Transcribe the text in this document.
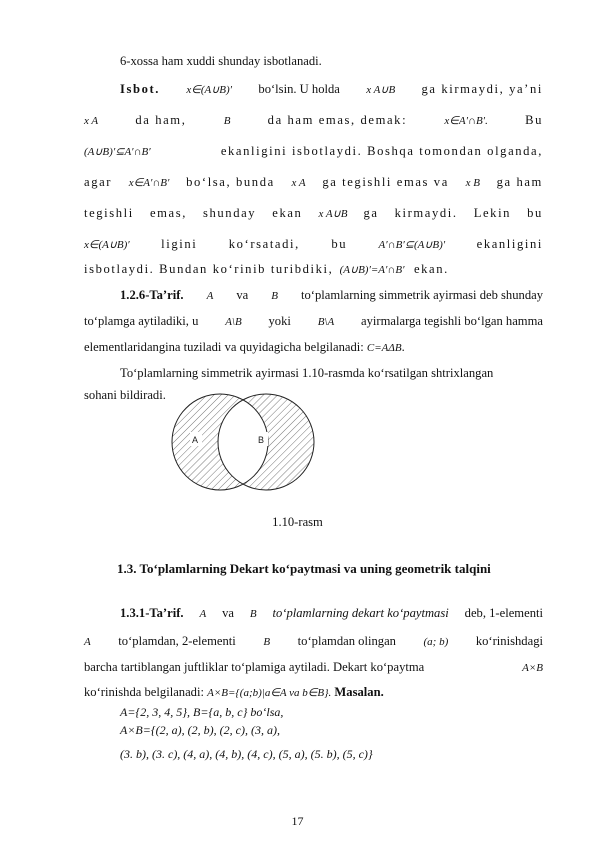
6-xossa ham xuddi shunday isbotlanadi.
Isbot. x∈(A∪B)′ bo‘lsin. U holda x A∪B ga kirmaydi, ya’ni
x A	da ham,	B	da ham emas, demak:	x∈A′∩B′.	Bu
(A∪B)′⊆A′∩B′	ekanligini isbotlaydi. Boshqa tomondan olganda,
agar x∈A′∩B′ bo‘lsa, bunda x A ga tegishli emas va x B ga ham
tegishli emas, shunday ekan x A∪B ga kirmaydi. Lekin bu
x∈(A∪B)′ ligini ko‘rsatadi, bu	A′∩B′⊆(A∪B)′ ekanligini
isbotlaydi. Bundan ko‘rinib turibdiki, (A∪B)′=A′∩B′ ekan.
1.2.6-Ta’rif. A va B to‘plamlarning simmetrik ayirmasi deb shunday
to‘plamga aytiladiki, u A\B yoki B\A ayirmalarga tegishli bo‘lgan hamma
elementlaridangina tuziladi va quyidagicha belgilanadi: C=AΔB.
To‘plamlarning simmetrik ayirmasi 1.10-rasmda ko‘rsatilgan shtrixlangan
sohani bildiradi.
A	B
1.10-rasm
1.3. To‘plamlarning Dekart ko‘paytmasi va uning geometrik talqini
1.3.1-Ta’rif. A va B to‘plamlarning dekart ko‘paytmasi deb, 1-elementi
A to‘plamdan, 2-elementi	B to‘plamdan olingan	(a; b) ko‘rinishdagi
barcha tartiblangan juftliklar to‘plamiga aytiladi. Dekart ko‘paytma	A×B
ko‘rinishda belgilanadi: A×B={(a;b)|a∈A va b∈B}. Masalan.
A={2, 3, 4, 5}, B={a, b, c} bo‘lsa,
A×B={(2, a), (2, b), (2, c), (3, a),
(3. b), (3. c), (4, a), (4, b), (4, c), (5, a), (5. b), (5, c)}
17
